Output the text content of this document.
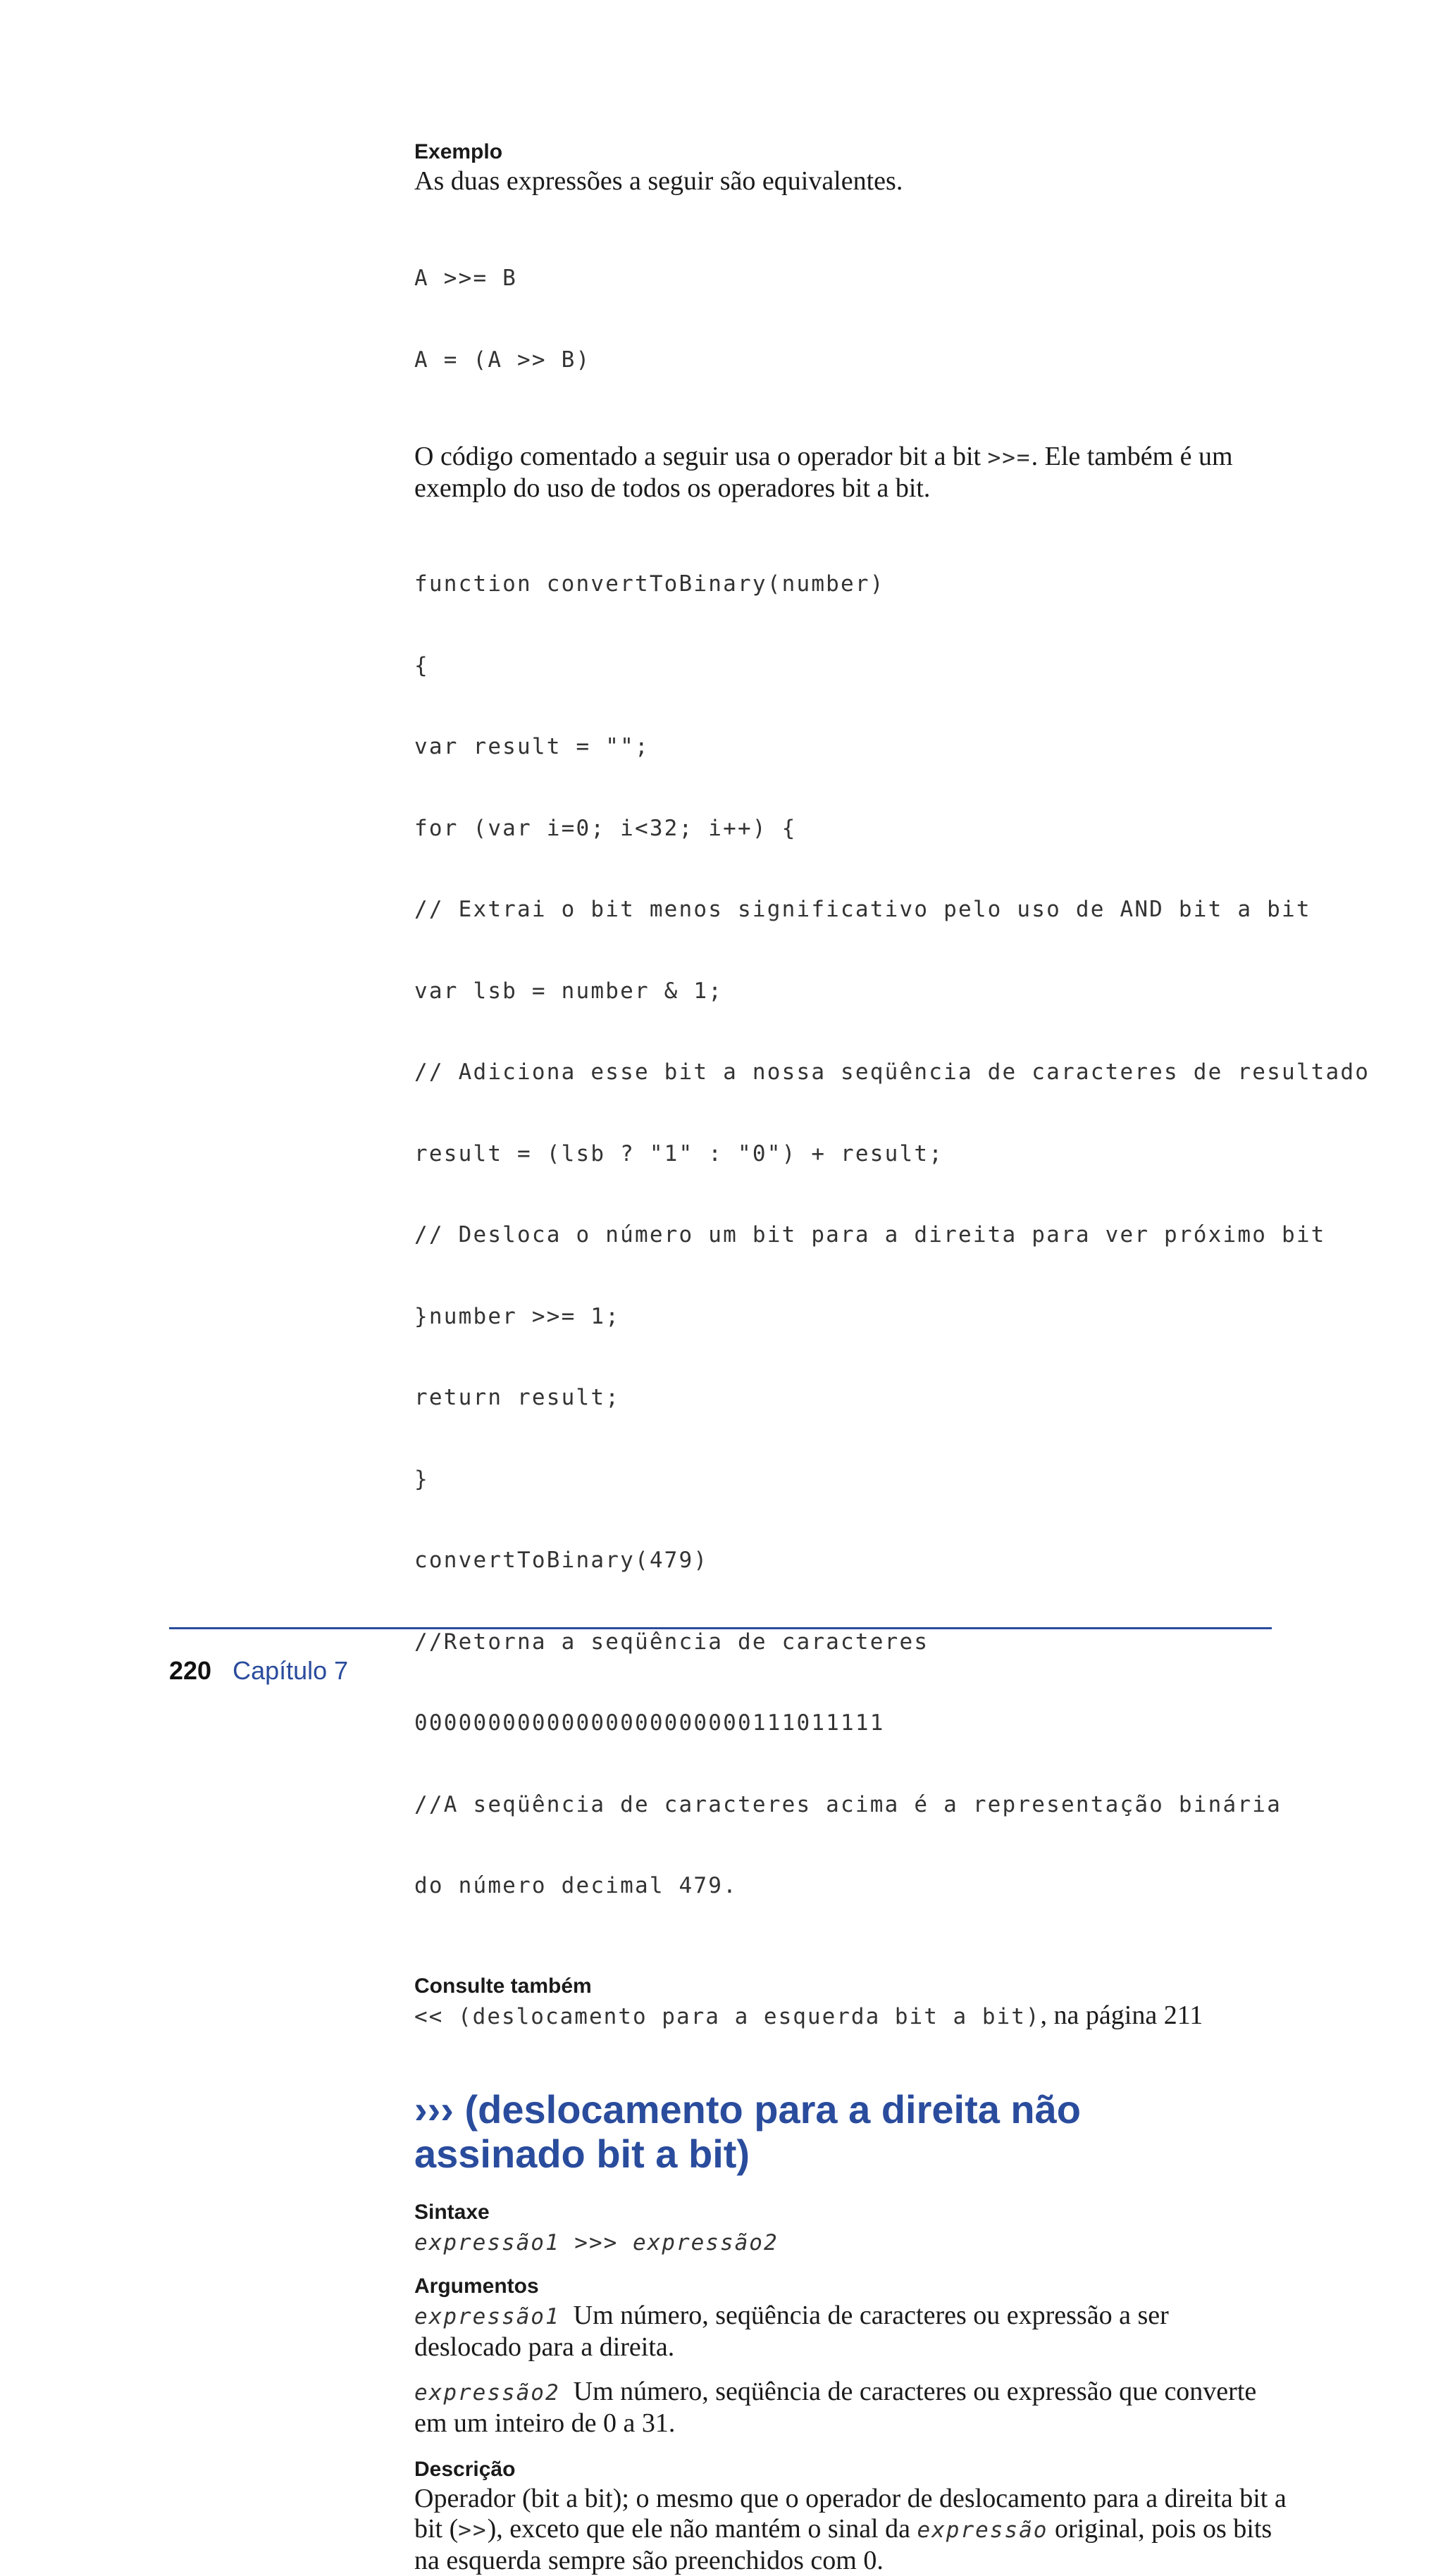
Exemplo

As duas expressões a seguir são equivalentes.

A >>= B

A = (A >> B)

O código comentado a seguir usa o operador bit a bit >>=. Ele também é um exemplo do uso de todos os operadores bit a bit.

function convertToBinary(number)

{

var result = "";

for (var i=0; i<32; i++) {

// Extrai o bit menos significativo pelo uso de AND bit a bit

var lsb = number & 1;

// Adiciona esse bit a nossa seqüência de caracteres de resultado

result = (lsb ? "1" : "0") + result;

// Desloca o número um bit para a direita para ver próximo bit

}number >>= 1;

return result;

}

convertToBinary(479)

//Retorna a seqüência de caracteres

00000000000000000000000111011111

//A seqüência de caracteres acima é a representação binária

do número decimal 479.

Consulte também

<< (deslocamento para a esquerda bit a bit), na página 211

››› (deslocamento para a direita não

assinado bit a bit)

Sintaxe

expressão1 >>> expressão2

Argumentos

expressão1 Um número, seqüência de caracteres ou expressão a ser deslocado para a direita.

expressão2 Um número, seqüência de caracteres ou expressão que converte em um inteiro de 0 a 31.

Descrição

Operador (bit a bit); o mesmo que o operador de deslocamento para a direita bit a bit (>>), exceto que ele não mantém o sinal da expressão original, pois os bits na esquerda sempre são preenchidos com 0.

220 Capítulo 7
